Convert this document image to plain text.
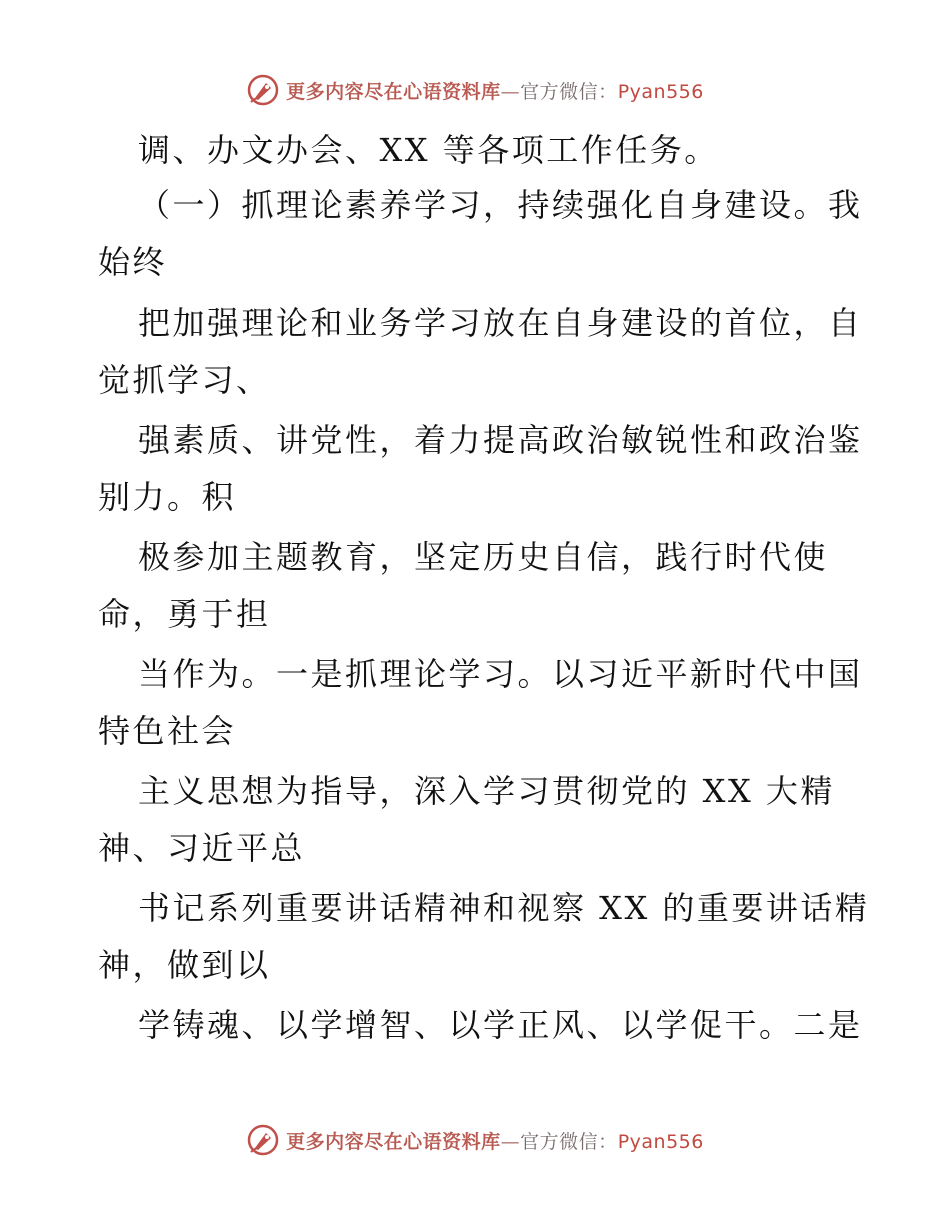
更多内容尽在心语资料库—官方微信：Pyan556
调、办文办会、XX 等各项工作任务。
（一）抓理论素养学习，持续强化自身建设。我
始终
把加强理论和业务学习放在自身建设的首位，自
觉抓学习、
强素质、讲党性，着力提高政治敏锐性和政治鉴
别力。积
极参加主题教育，坚定历史自信，践行时代使
命，勇于担
当作为。一是抓理论学习。以习近平新时代中国
特色社会
主义思想为指导，深入学习贯彻党的 XX 大精
神、习近平总
书记系列重要讲话精神和视察 XX 的重要讲话精
神，做到以
学铸魂、以学增智、以学正风、以学促干。二是
更多内容尽在心语资料库—官方微信：Pyan556
